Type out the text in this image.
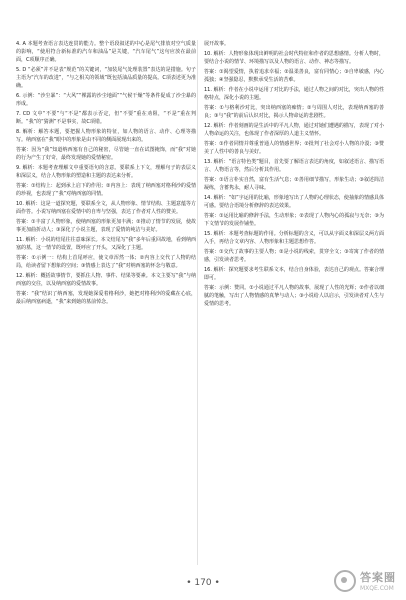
4. A 本题考查语言表达连贯的能力。整个语段叙述的中心是尾气排放对空气质量的影响，“使用符合新标准的汽车和油品”是关键，“汽车尾气”这句应放在最前面，C项顺序正确。

5. D “必须”并不是表“规范”的关键词，“加装尾气处理装置”表达的是措施。句子主语为“汽车的改进”，“与之相关的领域”既包括油品质量的提高。C项表述更为准确。

6. 示例：“沙尘暴”：“大风”“裸露的沙尘地面”“气候干燥”等条件促成了沙尘暴的形成。

7. CD 文中“不要”与“不是”都表示否定，但“不要”重在劝阻，“不是”重在判断。“我”的“猜测”不是事实，故C项错。

8. 解析：解答本题，要把握人物形象的特征，如人物的语言、动作、心理等描写。纳西塞在“我”眼中的形象是由不同的侧面展现出来的。

答案：因为“我”知道纳西塞有自己的秘密，尽管她一直在试图掩饰，而“我”对她的行为产生了好奇，最终发现她的爱情秘密。

9. 解析：本题考查理解文中重要语句的含意。要联系上下文，理解句子的表层义和深层义，结合人物形象的塑造和主题的表达来分析。

答案：①结构上：起到承上启下的作用；②内容上：表现了纳西塞对格利沙的爱情的珍视，也表现了“我”对纳西塞的同情。

10. 解析：这是一道探究题，要联系全文，从人物形象、情节结构、主题意蕴等方面作答。小说写纳西塞在爱情中的自卑与坚强，表达了作者对人性的赞美。

答案：①丰富了人物形象，使纳西塞的形象更加丰满；②推动了情节的发展，使故事更加曲折动人；③深化了小说主题，表现了爱情的纯洁与美好。

11. 解析：小说的结尾往往意味深长。本文结尾写“我”多年后重回故地，看到纳西塞的墓，这一情节的设置，既呼应了开头，又深化了主题。

答案：①示例一：结构上首尾呼应，使文章浑然一体；②内容上交代了人物的结局，给读者留下想象的空间；③情感上表达了“我”对纳西塞的怀念与敬意。

12. 解析：概括故事情节，要抓住人物、事件、结果等要素。本文主要写“我”与纳西塞的交往，以及纳西塞的爱情故事。

答案：“我”结识了纳西塞，发现她深爱着格利沙，她把对格利沙的爱藏在心底，最后纳西塞病逝，“我”来到她的墓前悼念。

展开故事。

10. 解析：人物形象体现出鲜明的社会时代特征和作者的思想感情。分析人物时，要结合小说的情节、环境描写以及人物的语言、动作、神态等描写。

答案：①渴望爱情，执着追求幸福；②温柔善良，富有同情心；③自卑敏感，内心孤独；④坚强隐忍，默默承受生活的苦难。

11. 解析：作者在小说中运用了对比的手法，通过人物之间的对比，突出人物的性格特点，深化小说的主题。

答案：①与格利沙对比，突出纳西塞的痴情；②与周围人对比，表现纳西塞的善良；③与“我”的前后认识对比，揭示人物命运的悲剧性。

12. 解析：作者刻画的是生活中的平凡人物，通过对她们遭遇的描写，表现了对小人物命运的关注，也体现了作者深厚的人道主义情怀。

答案：①作者同情并尊重普通人的情感世界；②批判了社会对小人物的冷漠；③赞美了人性中的善良与美好。

13. 解析：“语言特色类”题目，首先要了解语言表达的角度，如叙述语言、描写语言、人物语言等，然后分析其作用。

答案：①语言朴实自然，富有生活气息；②善用细节描写，形象生动；③叙述简洁凝练，含蓄隽永，耐人寻味。

14. 解析：“如”字运用的比喻，形象地写出了人物的心理状态，使抽象的情感具体可感。要结合语境分析修辞的表达效果。

答案：①运用比喻的修辞手法，生动形象；②表现了人物内心的孤寂与无奈；③为下文情节的发展作铺垫。

15. 解析：本题考查标题的作用。分析标题的含义，可以从字面义和深层义两方面入手，再结合文章内容、人物形象和主题思想作答。

答案：①交代了故事的主要人物；②是小说的线索，贯穿全文；③寄寓了作者的情感，引发读者思考。

16. 解析：探究题要求考生联系文本，结合自身体验，表达自己的观点。答案合理即可。

答案：示例：赞同。①小说通过平凡人物的故事，展现了人性的光辉；②作者以细腻的笔触，写出了人物情感的真挚与动人；③小说给人以启示，引发读者对人生与爱情的思考。

• 170 •	答案圈
MXQE.COM
